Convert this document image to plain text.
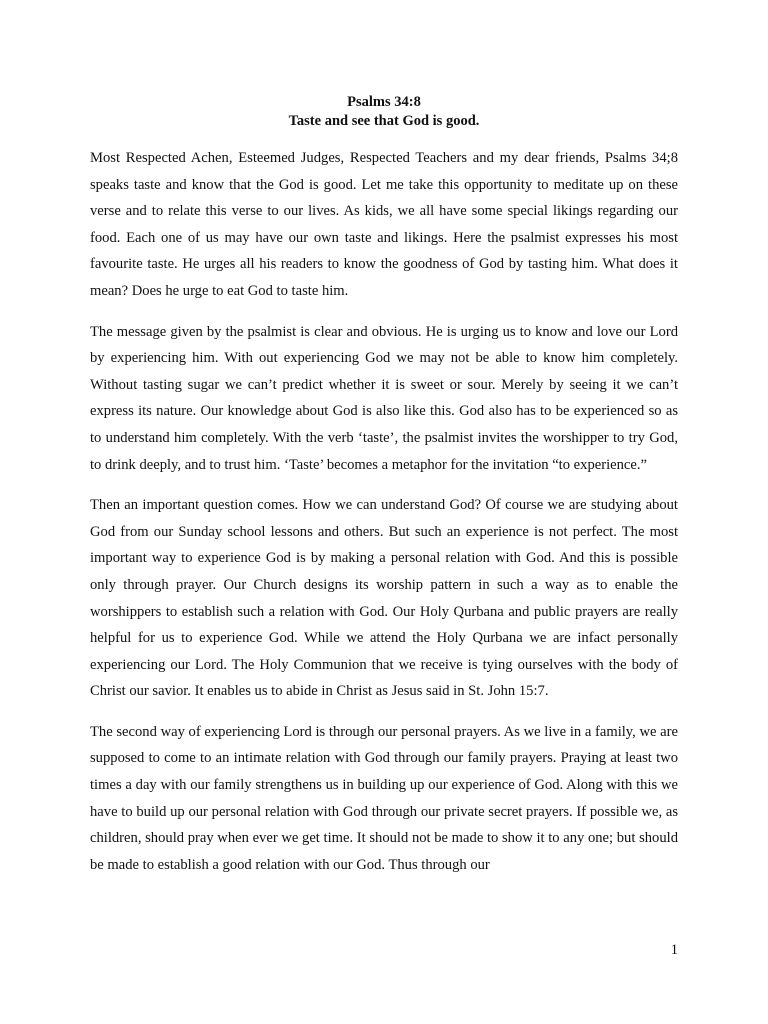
Psalms 34:8
Taste and see that God is good.

Most Respected Achen, Esteemed Judges, Respected Teachers and my dear friends, Psalms 34;8 speaks taste and know that the God is good. Let me take this opportunity to meditate up on these verse and to relate this verse to our lives. As kids, we all have some special likings regarding our food. Each one of us may have our own taste and likings. Here the psalmist expresses his most favourite taste. He urges all his readers to know the goodness of God by tasting him. What does it mean? Does he urge to eat God to taste him.

The message given by the psalmist is clear and obvious. He is urging us to know and love our Lord by experiencing him. With out experiencing God we may not be able to know him completely. Without tasting sugar we can’t predict whether it is sweet or sour. Merely by seeing it we can’t express its nature. Our knowledge about God is also like this. God also has to be experienced so as to understand him completely. With the verb ‘taste’, the psalmist invites the worshipper to try God, to drink deeply, and to trust him. ‘Taste’ becomes a metaphor for the invitation “to experience.”

Then an important question comes. How we can understand God? Of course we are studying about God from our Sunday school lessons and others. But such an experience is not perfect. The most important way to experience God is by making a personal relation with God. And this is possible only through prayer. Our Church designs its worship pattern in such a way as to enable the worshippers to establish such a relation with God. Our Holy Qurbana and public prayers are really helpful for us to experience God. While we attend the Holy Qurbana we are infact personally experiencing our Lord. The Holy Communion that we receive is tying ourselves with the body of Christ our savior. It enables us to abide in Christ as Jesus said in St. John 15:7.

The second way of experiencing Lord is through our personal prayers. As we live in a family, we are supposed to come to an intimate relation with God through our family prayers. Praying at least two times a day with our family strengthens us in building up our experience of God. Along with this we have to build up our personal relation with God through our private secret prayers. If possible we, as children, should pray when ever we get time. It should not be made to show it to any one; but should be made to establish a good relation with our God. Thus through our

1
